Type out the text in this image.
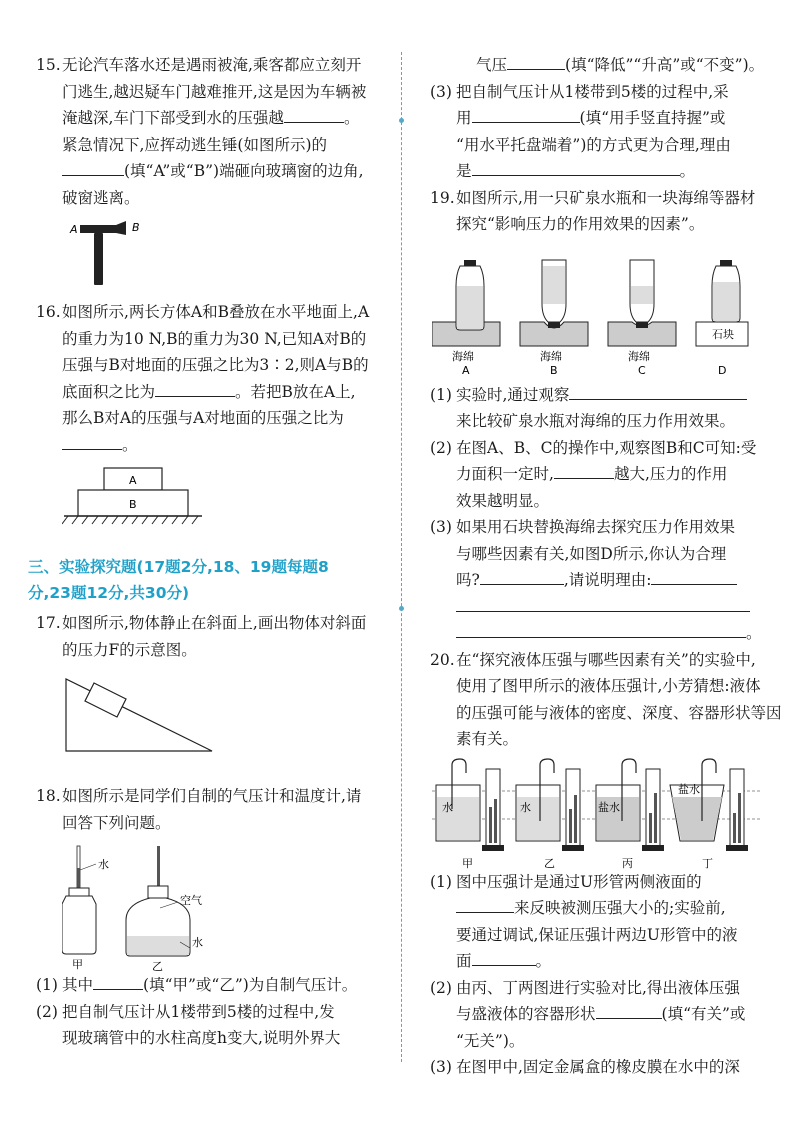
15. 无论汽车落水还是遇雨被淹,乘客都应立刻开
门逃生,越迟疑车门越难推开,这是因为车辆被
淹越深,车门下部受到水的压强越	。
紧急情况下,应挥动逃生锤(如图所示)的
(填“A”或“B”)端砸向玻璃窗的边角,
破窗逃离。
A	B
16. 如图所示,两长方体A和B叠放在水平地面上,A
的重力为10 N,B的重力为30 N,已知A对B的
压强与B对地面的压强之比为3∶2,则A与B的
底面积之比为	。若把B放在A上,
那么B对A的压强与A对地面的压强之比为
。
A
B
三、实验探究题(17题2分,18、19题每题8
分,23题12分,共30分)
17. 如图所示,物体静止在斜面上,画出物体对斜面
的压力F的示意图。
18. 如图所示是同学们自制的气压计和温度计,请
回答下列问题。
水
甲
空气
水
乙
(1) 其中	(填“甲”或“乙”)为自制气压计。
(2) 把自制气压计从1楼带到5楼的过程中,发
现玻璃管中的水柱高度h变大,说明外界大
气压	(填“降低”“升高”或“不变”)。
(3) 把自制气压计从1楼带到5楼的过程中,采
用	(填“用手竖直持握”或
“用水平托盘端着”)的方式更为合理,理由
是	。
19. 如图所示,用一只矿泉水瓶和一块海绵等器材
探究“影响压力的作用效果的因素”。
海绵
A
海绵
B
海绵
C
石块
D
(1) 实验时,通过观察
来比较矿泉水瓶对海绵的压力作用效果。
(2) 在图A、B、C的操作中,观察图B和C可知:受
力面积一定时,	越大,压力的作用
效果越明显。
(3) 如果用石块替换海绵去探究压力作用效果
与哪些因素有关,如图D所示,你认为合理
吗?	,请说明理由:
。
20. 在“探究液体压强与哪些因素有关”的实验中,
使用了图甲所示的液体压强计,小芳猜想:液体
的压强可能与液体的密度、深度、容器形状等因
素有关。
水
甲
水
乙
盐水
丙
盐水
丁
(1) 图中压强计是通过U形管两侧液面的
来反映被测压强大小的;实验前,
要通过调试,保证压强计两边U形管中的液
面	。
(2) 由丙、丁两图进行实验对比,得出液体压强
与盛液体的容器形状	(填“有关”或
“无关”)。
(3) 在图甲中,固定金属盒的橡皮膜在水中的深
